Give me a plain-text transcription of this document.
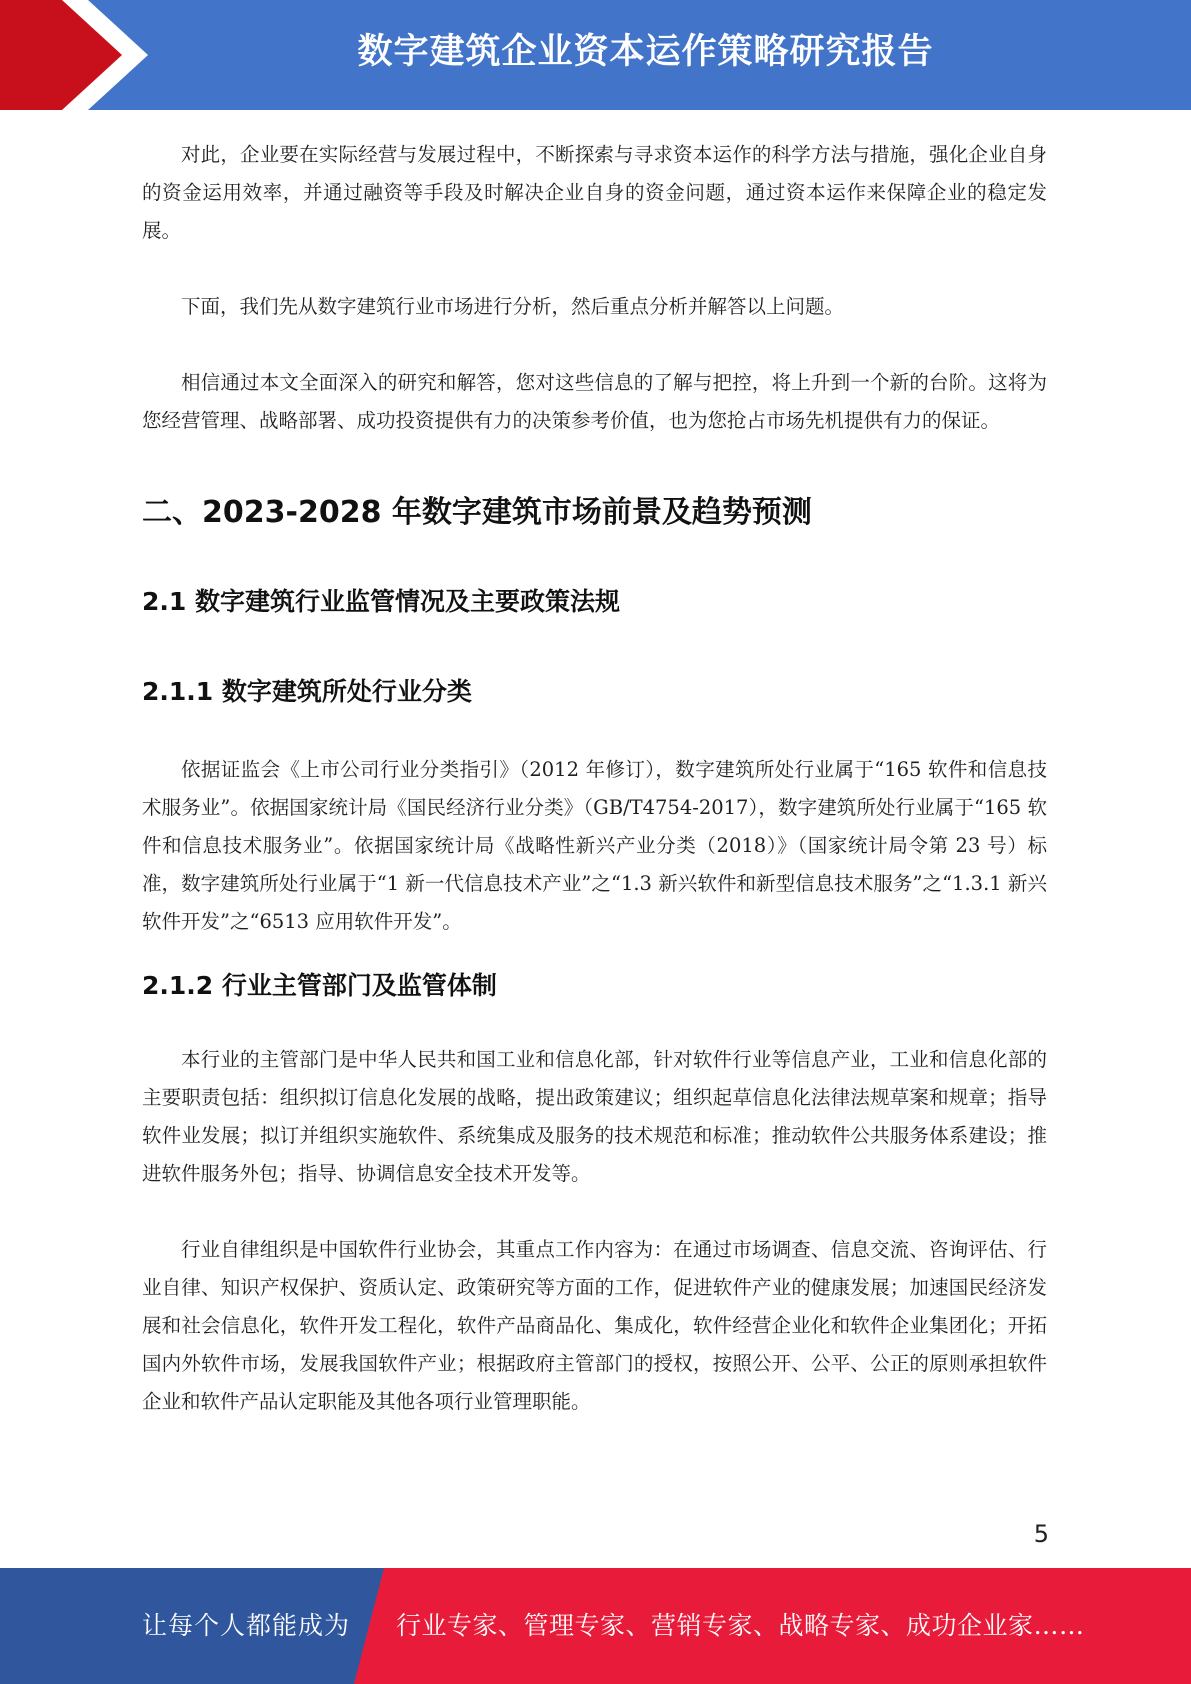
数字建筑企业资本运作策略研究报告

对此，企业要在实际经营与发展过程中，不断探索与寻求资本运作的科学方法与措施，强化企业自身的资金运用效率，并通过融资等手段及时解决企业自身的资金问题，通过资本运作来保障企业的稳定发展。

下面，我们先从数字建筑行业市场进行分析，然后重点分析并解答以上问题。

相信通过本文全面深入的研究和解答，您对这些信息的了解与把控，将上升到一个新的台阶。这将为您经营管理、战略部署、成功投资提供有力的决策参考价值，也为您抢占市场先机提供有力的保证。

二、2023-2028 年数字建筑市场前景及趋势预测
2.1 数字建筑行业监管情况及主要政策法规
2.1.1 数字建筑所处行业分类

依据证监会《上市公司行业分类指引》（2012 年修订），数字建筑所处行业属于“165 软件和信息技术服务业”。依据国家统计局《国民经济行业分类》（GB/T4754-2017），数字建筑所处行业属于“165 软件和信息技术服务业”。依据国家统计局《战略性新兴产业分类（2018）》（国家统计局令第 23 号）标准，数字建筑所处行业属于“1 新一代信息技术产业”之“1.3 新兴软件和新型信息技术服务”之“1.3.1 新兴软件开发”之“6513 应用软件开发”。

2.1.2 行业主管部门及监管体制

本行业的主管部门是中华人民共和国工业和信息化部，针对软件行业等信息产业，工业和信息化部的主要职责包括：组织拟订信息化发展的战略，提出政策建议；组织起草信息化法律法规草案和规章；指导软件业发展；拟订并组织实施软件、系统集成及服务的技术规范和标准；推动软件公共服务体系建设；推进软件服务外包；指导、协调信息安全技术开发等。

行业自律组织是中国软件行业协会，其重点工作内容为：在通过市场调查、信息交流、咨询评估、行业自律、知识产权保护、资质认定、政策研究等方面的工作，促进软件产业的健康发展；加速国民经济发展和社会信息化，软件开发工程化，软件产品商品化、集成化，软件经营企业化和软件企业集团化；开拓国内外软件市场，发展我国软件产业；根据政府主管部门的授权，按照公开、公平、公正的原则承担软件企业和软件产品认定职能及其他各项行业管理职能。

5
让每个人都能成为 行业专家、管理专家、营销专家、战略专家、成功企业家……
